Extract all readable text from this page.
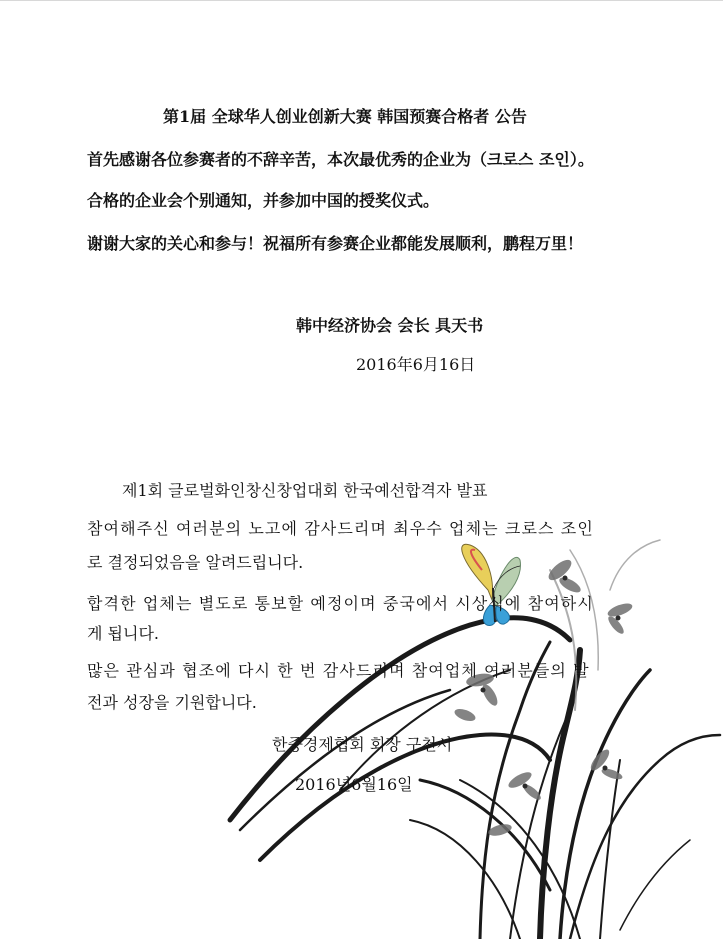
第1届 全球华人创业创新大赛 韩国预赛合格者 公告
首先感谢各位参赛者的不辞辛苦，本次最优秀的企业为（크로스 조인）。
合格的企业会个别通知，并参加中国的授奖仪式。
谢谢大家的关心和参与！祝福所有参赛企业都能发展顺利，鹏程万里！
韩中经济协会 会长 具天书
2016年6月16日
제1회 글로벌화인창신창업대회 한국예선합격자 발표
참여해주신 여러분의 노고에 감사드리며 최우수 업체는 크로스 조인
로 결정되었음을 알려드립니다.
합격한 업체는 별도로 통보할 예정이며 중국에서 시상식에 참여하시
게 됩니다.
많은 관심과 협조에 다시 한 번 감사드리며 참여업체 여러분들의 발
전과 성장을 기원합니다.
한중경제협회 회장 구천서
2016년6월16일
